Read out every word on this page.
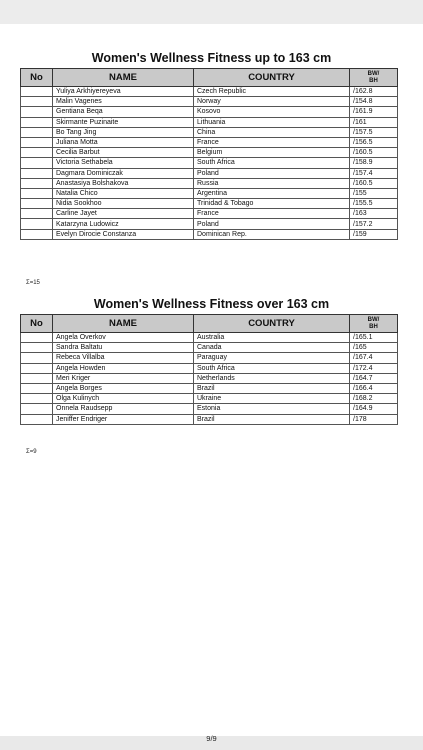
Women's Wellness Fitness up to 163 cm
No	NAME	COUNTRY	BW/
BH
	Yuliya Arkhiyereyeva	Czech Republic	/162.8
	Malin Vagenes	Norway	/154.8
	Gentiana Beqa	Kosovo	/161.9
	Skirmante Puzinaite	Lithuania	/161
	Bo Tang Jing	China	/157.5
	Juliana Motta	France	/156.5
	Cecilia Barbut	Belgium	/160.5
	Victoria Sethabela	South Africa	/158.9
	Dagmara Dominiczak	Poland	/157.4
	Anastasiya Bolshakova	Russia	/160.5
	Natalia Chico	Argentina	/155
	Nidia Sookhoo	Trinidad & Tobago	/155.5
	Carline Jayet	France	/163
	Katarzyna Ludowicz	Poland	/157.2
	Evelyn Dirocie Constanza	Dominican Rep.	/159
Σ=15
Women's Wellness Fitness over 163 cm
No	NAME	COUNTRY	BW/
BH
	Angela Overkov	Australia	/165.1
	Sandra Baltatu	Canada	/165
	Rebeca Villalba	Paraguay	/167.4
	Angela Howden	South Africa	/172.4
	Meri Kriger	Netherlands	/164.7
	Angela Borges	Brazil	/166.4
	Olga Kulinych	Ukraine	/168.2
	Onnela Raudsepp	Estonia	/164.9
	Jeniffer Endriger	Brazil	/178
Σ=9
9/9
